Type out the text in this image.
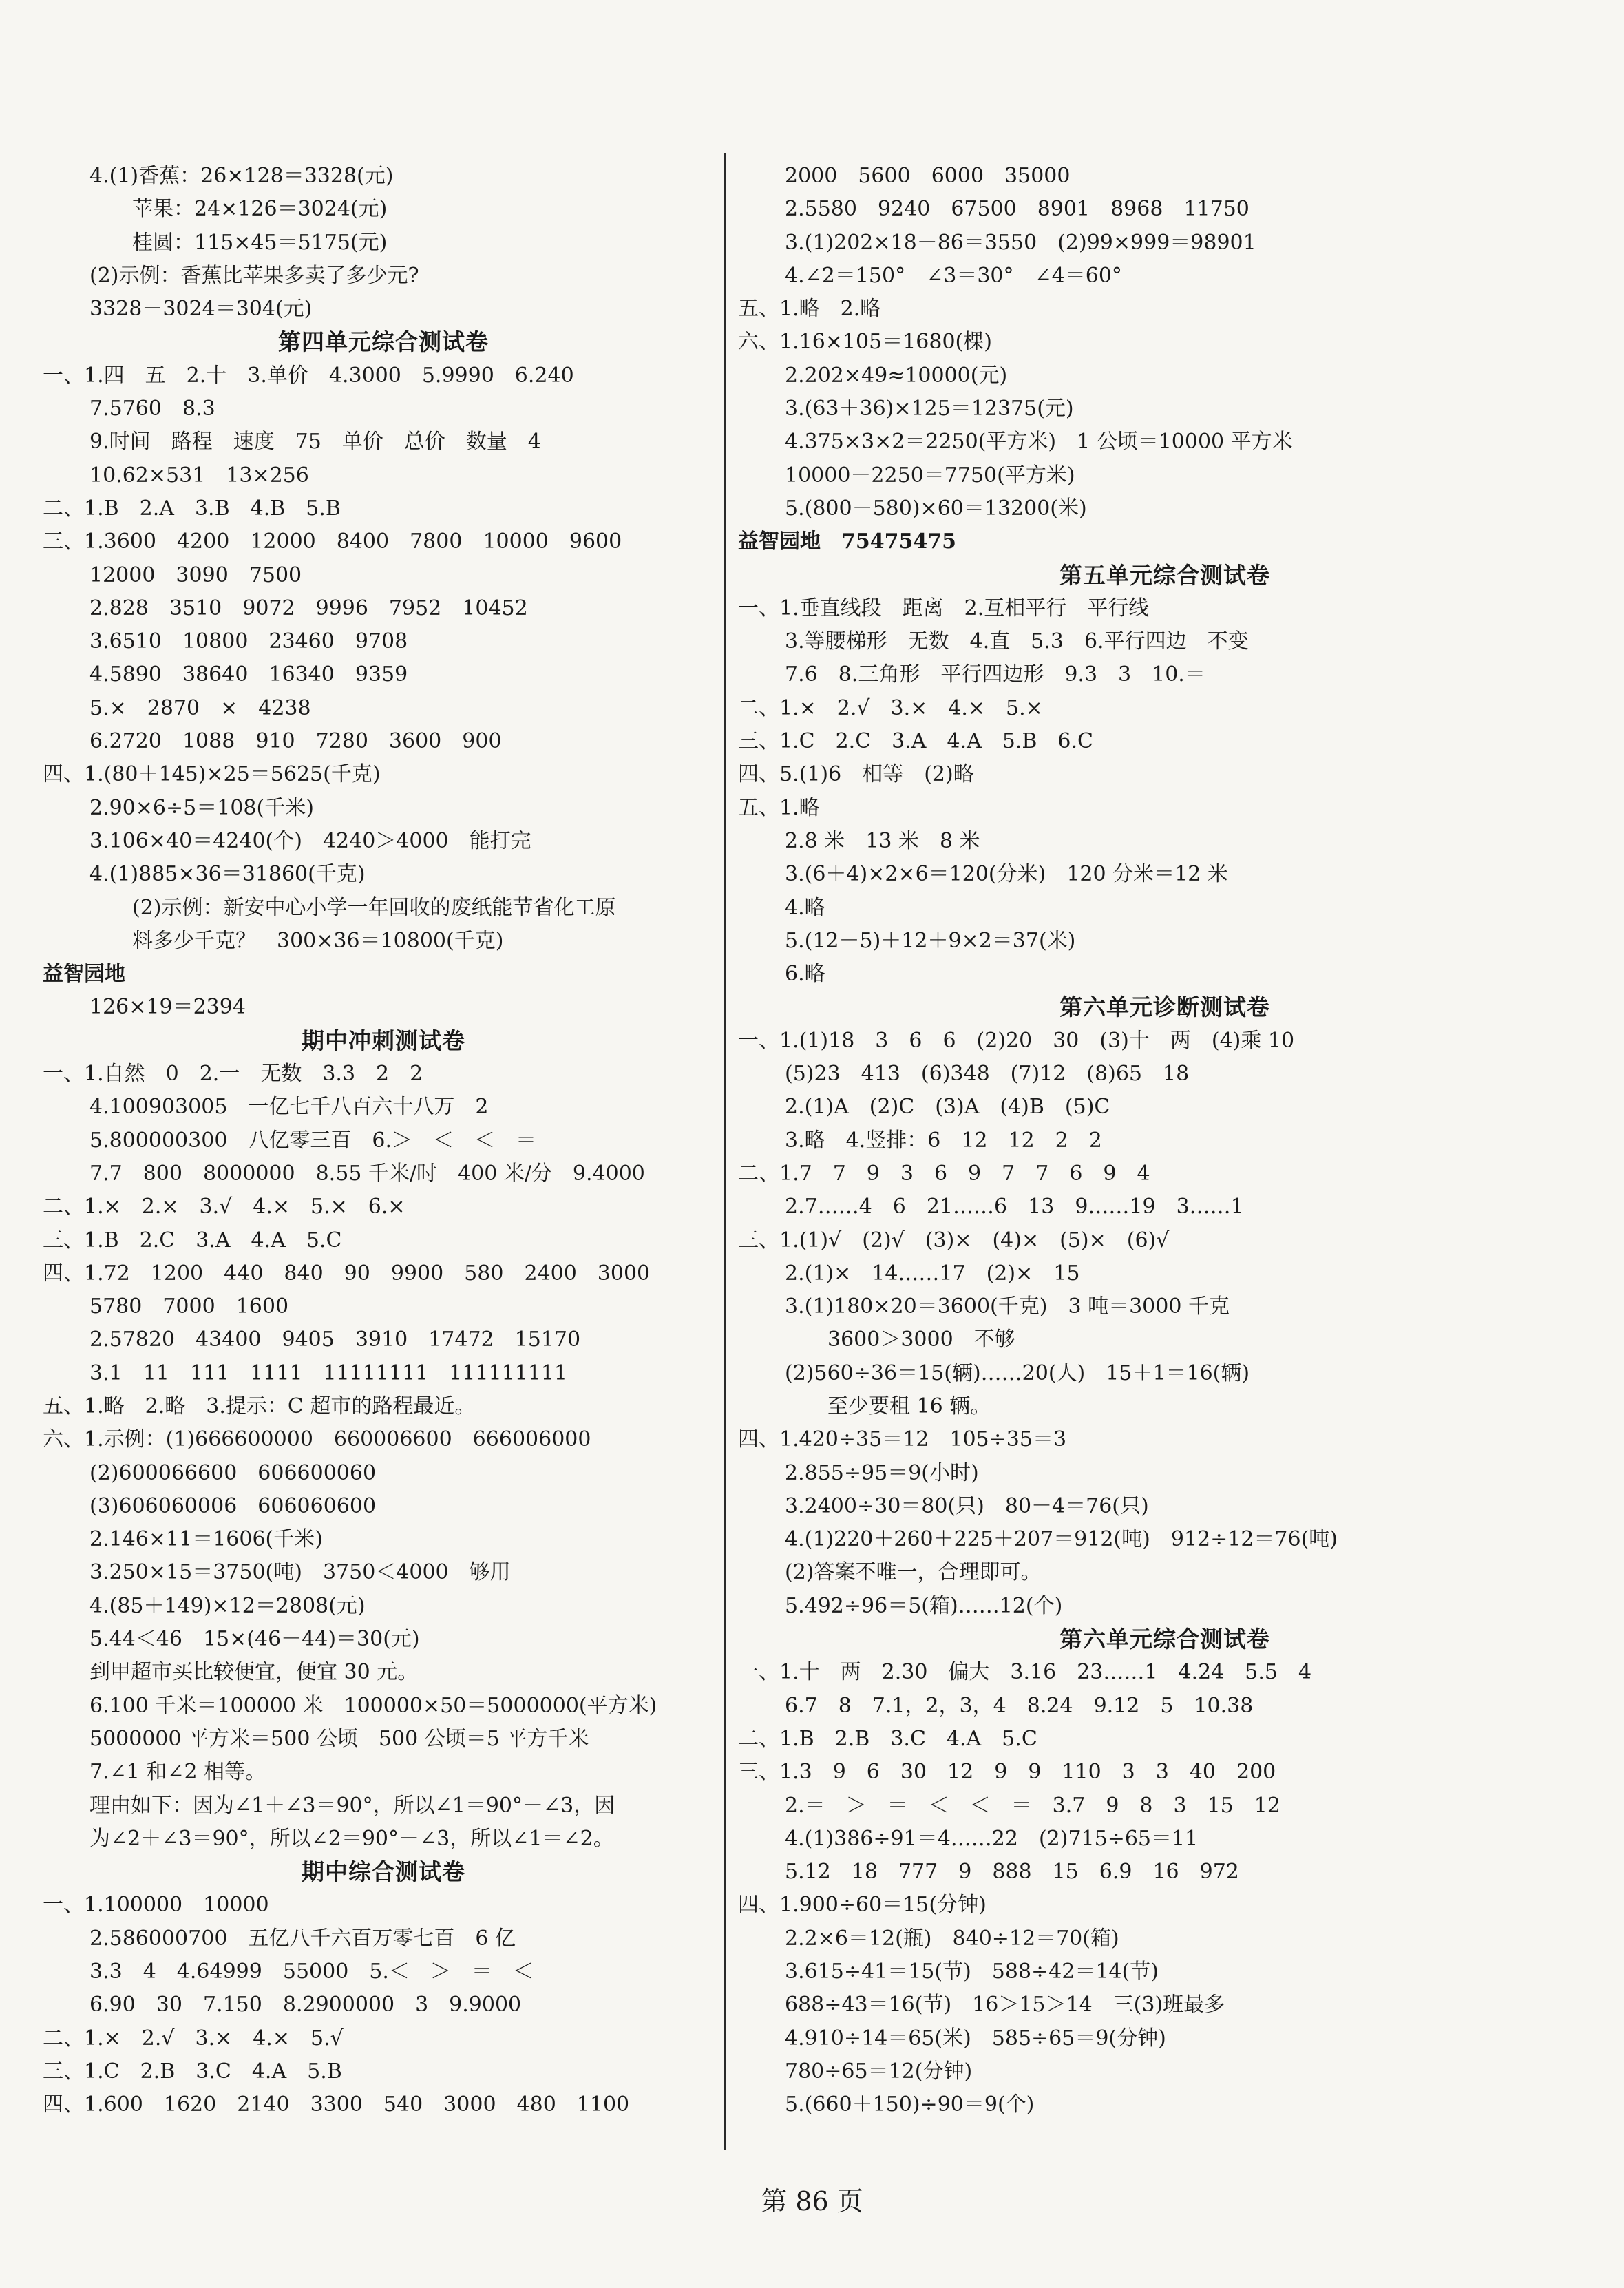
4.(1)香蕉：26×128＝3328(元)
苹果：24×126＝3024(元)
桂圆：115×45＝5175(元)
(2)示例：香蕉比苹果多卖了多少元?
3328－3024＝304(元)
第四单元综合测试卷
一、1.四　五　2.十　3.单价　4.3000　5.9990　6.240
7.5760　8.3
9.时间　路程　速度　75　单价　总价　数量　4
10.62×531　13×256
二、1.B　2.A　3.B　4.B　5.B
三、1.3600　4200　12000　8400　7800　10000　9600
12000　3090　7500
2.828　3510　9072　9996　7952　10452
3.6510　10800　23460　9708
4.5890　38640　16340　9359
5.×　2870　×　4238
6.2720　1088　910　7280　3600　900
四、1.(80＋145)×25＝5625(千克)
2.90×6÷5＝108(千米)
3.106×40＝4240(个)　4240＞4000　能打完
4.(1)885×36＝31860(千克)
(2)示例：新安中心小学一年回收的废纸能节省化工原
料多少千克？　300×36＝10800(千克)
益智园地
126×19＝2394
期中冲刺测试卷
一、1.自然　0　2.一　无数　3.3　2　2
4.100903005　一亿七千八百六十八万　2
5.800000300　八亿零三百　6.＞　＜　＜　＝
7.7　800　8000000　8.55 千米/时　400 米/分　9.4000
二、1.×　2.×　3.√　4.×　5.×　6.×
三、1.B　2.C　3.A　4.A　5.C
四、1.72　1200　440　840　90　9900　580　2400　3000
5780　7000　1600
2.57820　43400　9405　3910　17472　15170
3.1　11　111　1111　11111111　111111111
五、1.略　2.略　3.提示：C 超市的路程最近。
六、1.示例：(1)666600000　660006600　666006000
(2)600066600　606600060
(3)606060006　606060600
2.146×11＝1606(千米)
3.250×15＝3750(吨)　3750＜4000　够用
4.(85＋149)×12＝2808(元)
5.44＜46　15×(46－44)＝30(元)
到甲超市买比较便宜，便宜 30 元。
6.100 千米＝100000 米　100000×50＝5000000(平方米)
5000000 平方米＝500 公顷　500 公顷＝5 平方千米
7.∠1 和∠2 相等。
理由如下：因为∠1＋∠3＝90°，所以∠1＝90°－∠3，因
为∠2＋∠3＝90°，所以∠2＝90°－∠3，所以∠1＝∠2。
期中综合测试卷
一、1.100000　10000
2.586000700　五亿八千六百万零七百　6 亿
3.3　4　4.64999　55000　5.＜　＞　＝　＜
6.90　30　7.150　8.2900000　3　9.9000
二、1.×　2.√　3.×　4.×　5.√
三、1.C　2.B　3.C　4.A　5.B
四、1.600　1620　2140　3300　540　3000　480　1100
2000　5600　6000　35000
2.5580　9240　67500　8901　8968　11750
3.(1)202×18－86＝3550　(2)99×999＝98901
4.∠2＝150°　∠3＝30°　∠4＝60°
五、1.略　2.略
六、1.16×105＝1680(棵)
2.202×49≈10000(元)
3.(63＋36)×125＝12375(元)
4.375×3×2＝2250(平方米)　1 公顷＝10000 平方米
10000－2250＝7750(平方米)
5.(800－580)×60＝13200(米)
益智园地　75475475
第五单元综合测试卷
一、1.垂直线段　距离　2.互相平行　平行线
3.等腰梯形　无数　4.直　5.3　6.平行四边　不变
7.6　8.三角形　平行四边形　9.3　3　10.＝
二、1.×　2.√　3.×　4.×　5.×
三、1.C　2.C　3.A　4.A　5.B　6.C
四、5.(1)6　相等　(2)略
五、1.略
2.8 米　13 米　8 米
3.(6＋4)×2×6＝120(分米)　120 分米＝12 米
4.略
5.(12－5)＋12＋9×2＝37(米)
6.略
第六单元诊断测试卷
一、1.(1)18　3　6　6　(2)20　30　(3)十　两　(4)乘 10
(5)23　413　(6)348　(7)12　(8)65　18
2.(1)A　(2)C　(3)A　(4)B　(5)C
3.略　4.竖排：6　12　12　2　2
二、1.7　7　9　3　6　9　7　7　6　9　4
2.7……4　6　21……6　13　9……19　3……1
三、1.(1)√　(2)√　(3)×　(4)×　(5)×　(6)√
2.(1)×　14……17　(2)×　15
3.(1)180×20＝3600(千克)　3 吨＝3000 千克
3600＞3000　不够
(2)560÷36＝15(辆)……20(人)　15＋1＝16(辆)
至少要租 16 辆。
四、1.420÷35＝12　105÷35＝3
2.855÷95＝9(小时)
3.2400÷30＝80(只)　80－4＝76(只)
4.(1)220＋260＋225＋207＝912(吨)　912÷12＝76(吨)
(2)答案不唯一，合理即可。
5.492÷96＝5(箱)……12(个)
第六单元综合测试卷
一、1.十　两　2.30　偏大　3.16　23……1　4.24　5.5　4
6.7　8　7.1，2，3，4　8.24　9.12　5　10.38
二、1.B　2.B　3.C　4.A　5.C
三、1.3　9　6　30　12　9　9　110　3　3　40　200
2.＝　＞　＝　＜　＜　＝　3.7　9　8　3　15　12
4.(1)386÷91＝4……22　(2)715÷65＝11
5.12　18　777　9　888　15　6.9　16　972
四、1.900÷60＝15(分钟)
2.2×6＝12(瓶)　840÷12＝70(箱)
3.615÷41＝15(节)　588÷42＝14(节)
688÷43＝16(节)　16＞15＞14　三(3)班最多
4.910÷14＝65(米)　585÷65＝9(分钟)
780÷65＝12(分钟)
5.(660＋150)÷90＝9(个)
第 86 页
